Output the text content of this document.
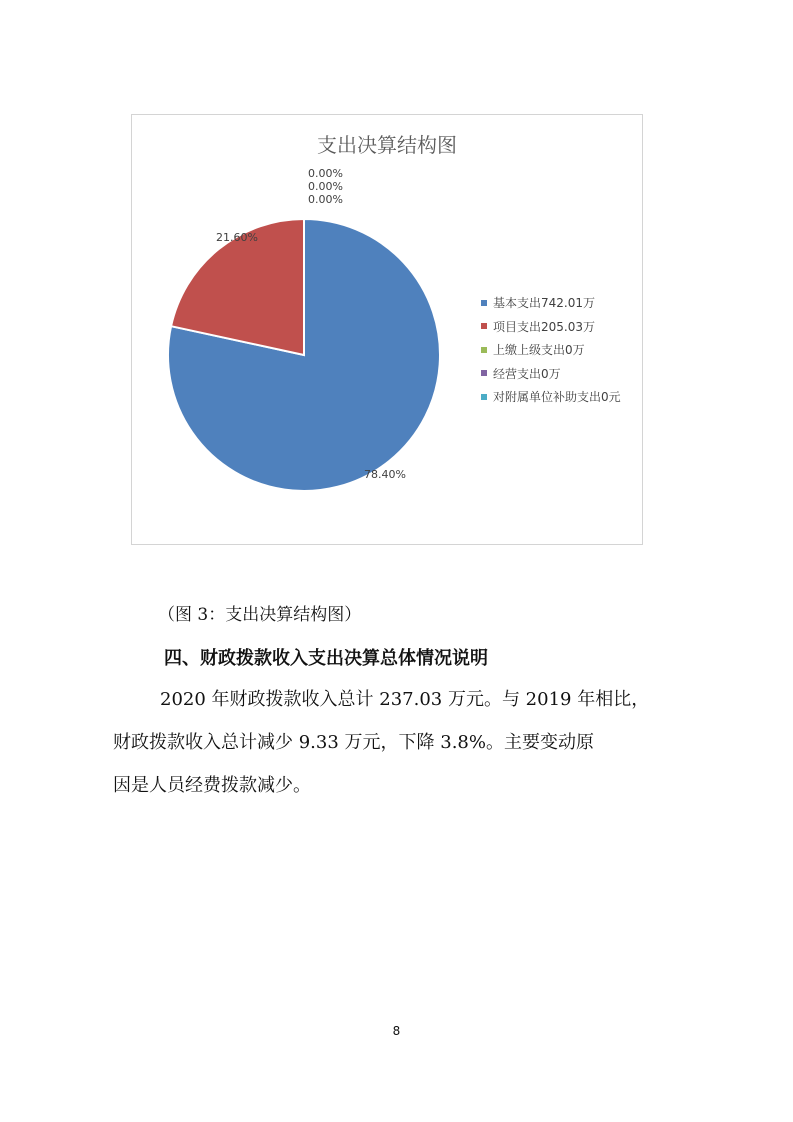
支出决算结构图
78.40%
21.60%
0.00%
0.00%
0.00%
基本支出742.01万
项目支出205.03万
上缴上级支出0万
经营支出0万
对附属单位补助支出0元
（图 3：支出决算结构图）
四、财政拨款收入支出决算总体情况说明
2020 年财政拨款收入总计 237.03 万元。与 2019 年相比，
财政拨款收入总计减少 9.33 万元，下降 3.8%。主要变动原
因是人员经费拨款减少。
8
